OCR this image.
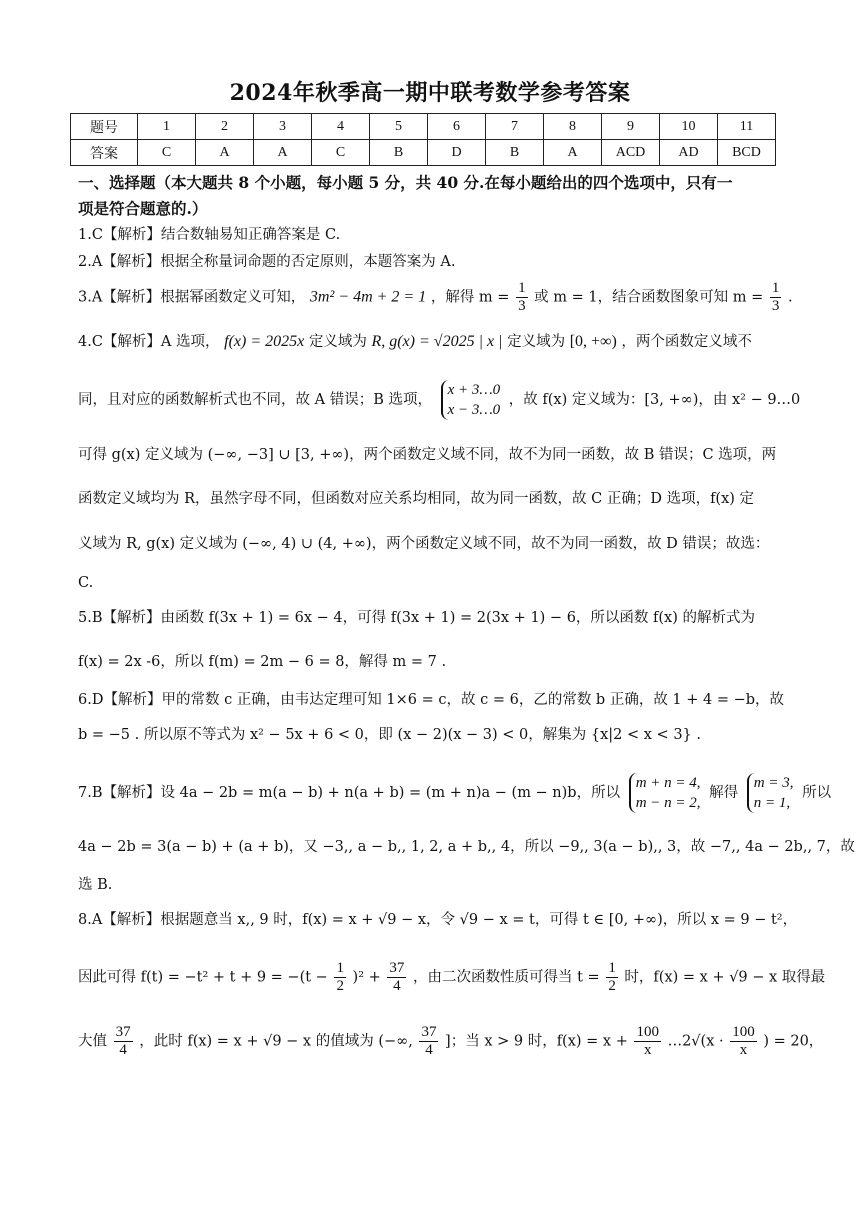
2024年秋季高一期中联考数学参考答案
题号	1	2	3	4	5	6	7	8	9	10	11
答案	C	A	A	C	B	D	B	A	ACD	AD	BCD
一、选择题（本大题共 8 个小题，每小题 5 分，共 40 分.在每小题给出的四个选项中，只有一
项是符合题意的.）
1.C【解析】结合数轴易知正确答案是 C.
2.A【解析】根据全称量词命题的否定原则，本题答案为 A.
3.A【解析】根据幂函数定义可知， 3m² − 4m + 2 = 1 ，解得 $m = \frac{1}{3}$ 或 m = 1，结合函数图象可知 $m = \frac{1}{3}$ .
4.C【解析】A 选项， f(x) = 2025x 定义域为 R, g(x) = √2025 | x | 定义域为 [0, +∞) ，两个函数定义域不
同，且对应的函数解析式也不同，故 A 错误；B 选项，
x + 3…0
x − 3…0
，故 f(x) 定义域为：[3, +∞)，由 x² − 9…0
可得 g(x) 定义域为 (−∞, −3] ∪ [3, +∞)，两个函数定义域不同，故不为同一函数，故 B 错误；C 选项，两
函数定义域均为 R，虽然字母不同，但函数对应关系均相同，故为同一函数，故 C 正确；D 选项，f(x) 定
义域为 R, g(x) 定义域为 (−∞, 4) ∪ (4, +∞)，两个函数定义域不同，故不为同一函数，故 D 错误；故选：
C.
5.B【解析】由函数 f(3x + 1) = 6x − 4，可得 f(3x + 1) = 2(3x + 1) − 6，所以函数 f(x) 的解析式为
f(x) = 2x -6，所以 f(m) = 2m − 6 = 8，解得 m = 7 .
6.D【解析】甲的常数 c 正确，由韦达定理可知 1×6 = c，故 c = 6，乙的常数 b 正确，故 1 + 4 = −b，故
b = −5 . 所以原不等式为 x² − 5x + 6 < 0，即 (x − 2)(x − 3) < 0，解集为 {x|2 < x < 3} .
7.B【解析】设 4a − 2b = m(a − b) + n(a + b) = (m + n)a − (m − n)b，所以
m + n = 4,
m − n = 2,
解得
m = 3,
n = 1,
所以
4a − 2b = 3(a − b) + (a + b)，又 −3,, a − b,, 1, 2, a + b,, 4，所以 −9,, 3(a − b),, 3，故 −7,, 4a − 2b,, 7，故
选 B.
8.A【解析】根据题意当 x,, 9 时，f(x) = x + √9 − x，令 √9 − x = t，可得 t ∈ [0, +∞)，所以 x = 9 − t²，
因此可得 $f(t) = -t^2 + t + 9 = -(t - \frac{1}{2} )^2 + \frac{37}{4}$ ，由二次函数性质可得当 $t = \frac{1}{2}$ 时，f(x) = x + √9 − x 取得最
大值 $\frac{37}{4}$ ，此时 f(x) = x + √9 − x 的值域为 (−∞, $\frac{37}{4}$ ]；当 x > 9 时，$f(x) = x + \frac{100}{x}$ …2√(x · $\frac{100}{x}$ ) = 20，
